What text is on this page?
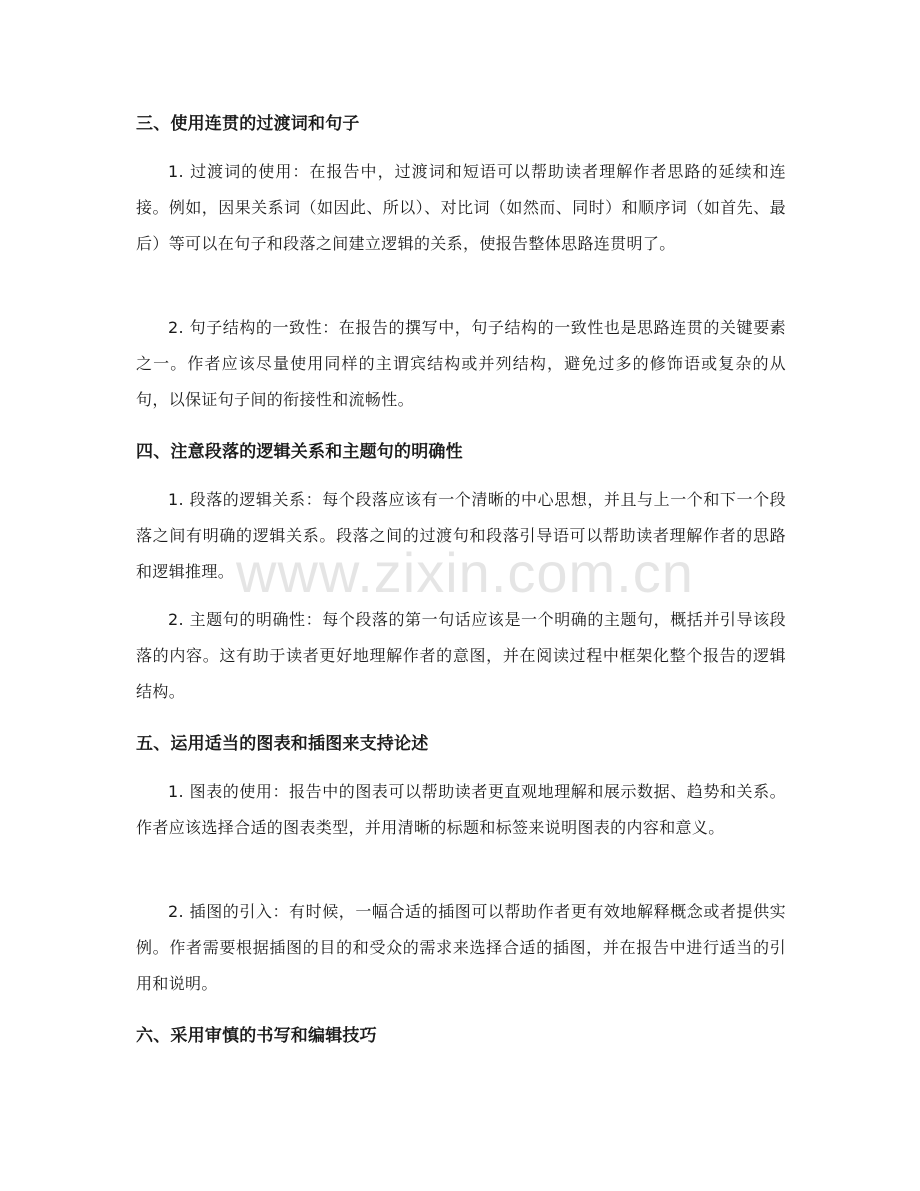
三、使用连贯的过渡词和句子
1. 过渡词的使用：在报告中，过渡词和短语可以帮助读者理解作者思路的延续和连接。例如，因果关系词（如因此、所以）、对比词（如然而、同时）和顺序词（如首先、最后）等可以在句子和段落之间建立逻辑的关系，使报告整体思路连贯明了。
2. 句子结构的一致性：在报告的撰写中，句子结构的一致性也是思路连贯的关键要素之一。作者应该尽量使用同样的主谓宾结构或并列结构，避免过多的修饰语或复杂的从句，以保证句子间的衔接性和流畅性。
四、注意段落的逻辑关系和主题句的明确性
1. 段落的逻辑关系：每个段落应该有一个清晰的中心思想，并且与上一个和下一个段落之间有明确的逻辑关系。段落之间的过渡句和段落引导语可以帮助读者理解作者的思路和逻辑推理。
2. 主题句的明确性：每个段落的第一句话应该是一个明确的主题句，概括并引导该段落的内容。这有助于读者更好地理解作者的意图，并在阅读过程中框架化整个报告的逻辑结构。
五、运用适当的图表和插图来支持论述
1. 图表的使用：报告中的图表可以帮助读者更直观地理解和展示数据、趋势和关系。作者应该选择合适的图表类型，并用清晰的标题和标签来说明图表的内容和意义。
2. 插图的引入：有时候，一幅合适的插图可以帮助作者更有效地解释概念或者提供实例。作者需要根据插图的目的和受众的需求来选择合适的插图，并在报告中进行适当的引用和说明。
六、采用审慎的书写和编辑技巧
www.zixin.com.cn
